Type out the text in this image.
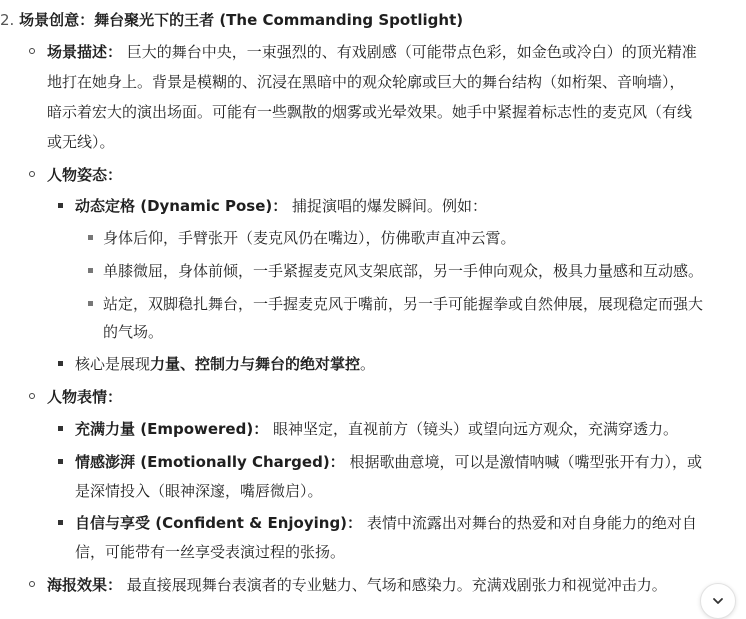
2. 场景创意：舞台聚光下的王者 (The Commanding Spotlight)
场景描述： 巨大的舞台中央，一束强烈的、有戏剧感（可能带点色彩，如金色或冷白）的顶光精准
地打在她身上。背景是模糊的、沉浸在黑暗中的观众轮廓或巨大的舞台结构（如桁架、音响墙），
暗示着宏大的演出场面。可能有一些飘散的烟雾或光晕效果。她手中紧握着标志性的麦克风（有线
或无线）。
人物姿态：
动态定格 (Dynamic Pose)： 捕捉演唱的爆发瞬间。例如：
身体后仰，手臂张开（麦克风仍在嘴边），仿佛歌声直冲云霄。
单膝微屈，身体前倾，一手紧握麦克风支架底部，另一手伸向观众，极具力量感和互动感。
站定，双脚稳扎舞台，一手握麦克风于嘴前，另一手可能握拳或自然伸展，展现稳定而强大
的气场。
核心是展现力量、控制力与舞台的绝对掌控。
人物表情：
充满力量 (Empowered)： 眼神坚定，直视前方（镜头）或望向远方观众，充满穿透力。
情感澎湃 (Emotionally Charged)： 根据歌曲意境，可以是激情呐喊（嘴型张开有力），或
是深情投入（眼神深邃，嘴唇微启）。
自信与享受 (Confident & Enjoying)： 表情中流露出对舞台的热爱和对自身能力的绝对自
信，可能带有一丝享受表演过程的张扬。
海报效果： 最直接展现舞台表演者的专业魅力、气场和感染力。充满戏剧张力和视觉冲击力。
